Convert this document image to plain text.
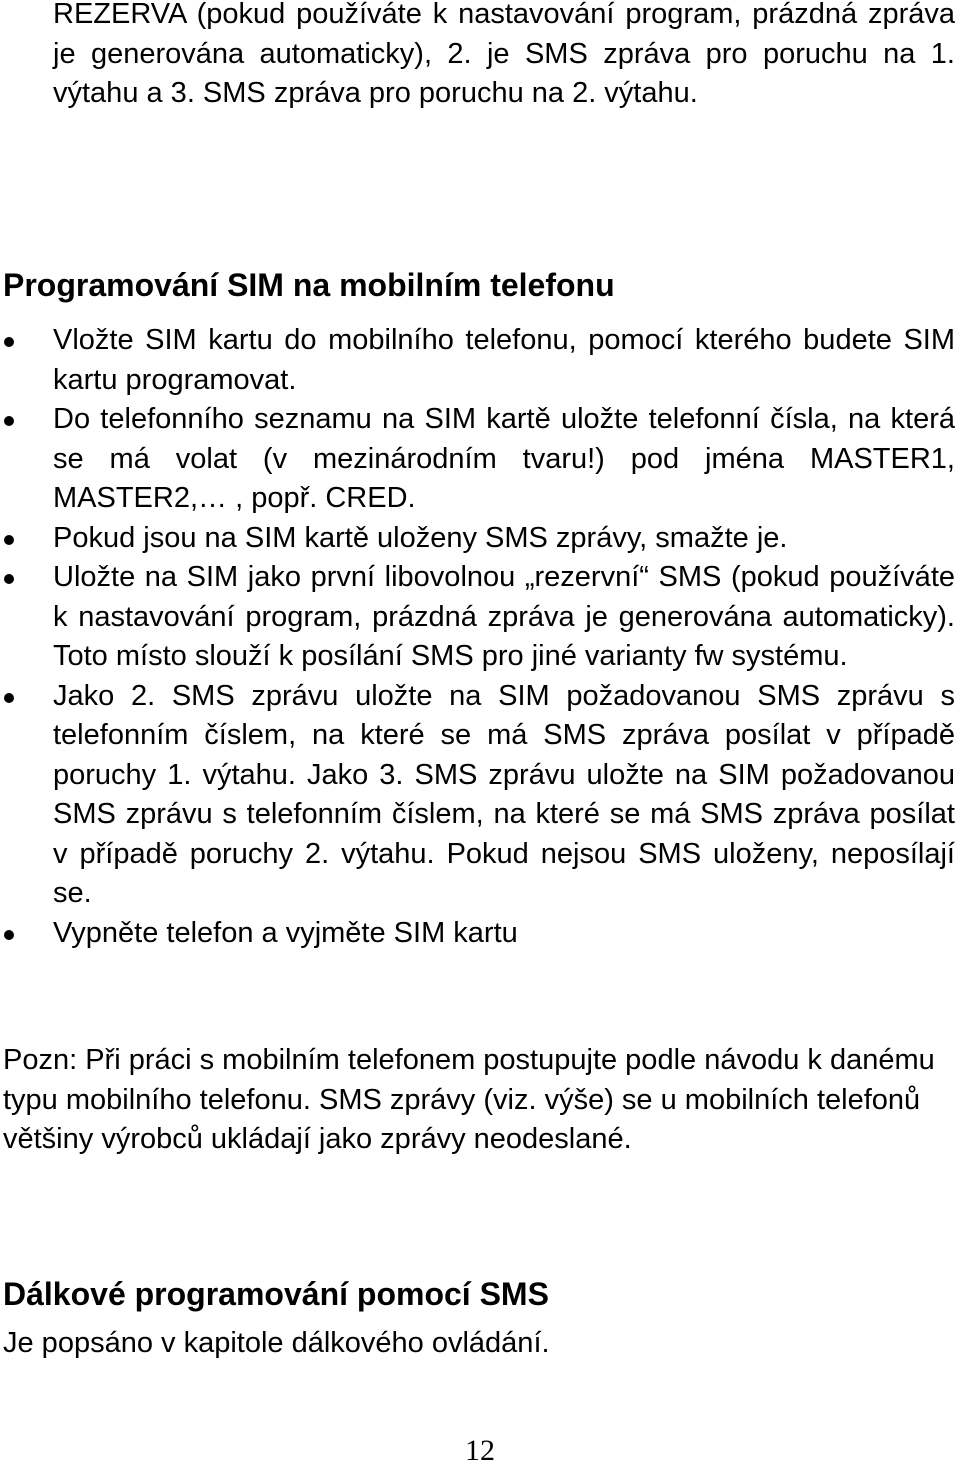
REZERVA (pokud používáte k nastavování program, prázdná zpráva je generována automaticky), 2. je SMS zpráva pro poruchu na 1. výtahu a 3. SMS zpráva pro poruchu na 2. výtahu.
Programování SIM na mobilním telefonu
Vložte SIM kartu do mobilního telefonu, pomocí kterého budete SIM kartu programovat.
Do telefonního seznamu na SIM kartě uložte telefonní čísla, na která se má volat (v mezinárodním tvaru!) pod jména MASTER1, MASTER2,… , popř. CRED.
Pokud jsou na SIM kartě uloženy SMS zprávy, smažte je.
Uložte na SIM jako první libovolnou „rezervní“ SMS (pokud používáte k nastavování program, prázdná zpráva je generována automaticky). Toto místo slouží k posílání SMS pro jiné varianty fw systému.
Jako 2. SMS zprávu uložte na SIM požadovanou SMS zprávu s telefonním číslem, na které se má SMS zpráva posílat v případě poruchy 1. výtahu. Jako 3. SMS zprávu uložte na SIM požadovanou SMS zprávu s telefonním číslem, na které se má SMS zpráva posílat v případě poruchy 2. výtahu. Pokud nejsou SMS uloženy, neposílají se.
Vypněte telefon a vyjměte SIM kartu
Pozn: Při práci s mobilním telefonem postupujte podle návodu k danému typu mobilního telefonu. SMS zprávy (viz. výše) se u mobilních telefonů většiny výrobců ukládají jako zprávy neodeslané.
Dálkové programování pomocí SMS
Je popsáno v kapitole dálkového ovládání.
12
